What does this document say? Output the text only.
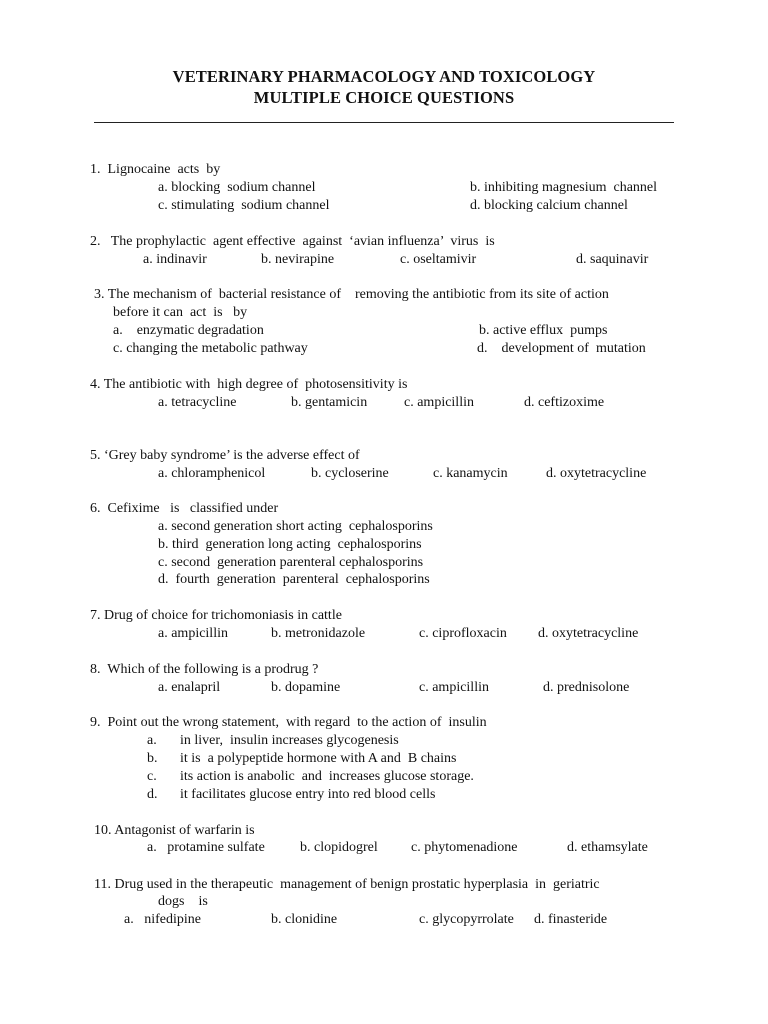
VETERINARY PHARMACOLOGY AND TOXICOLOGY
MULTIPLE CHOICE QUESTIONS
1.  Lignocaine  acts  by
a. blocking  sodium channel	b. inhibiting magnesium  channel
c. stimulating  sodium channel	d. blocking calcium channel
2.   The prophylactic  agent effective  against  ‘avian influenza’  virus  is
a. indinavir	b. nevirapine	c. oseltamivir	d. saquinavir
3. The mechanism of  bacterial resistance of    removing the antibiotic from its site of action
before it can  act  is   by
a.    enzymatic degradation	b. active efflux  pumps
c. changing the metabolic pathway	d.    development of  mutation
4. The antibiotic with  high degree of  photosensitivity is
a. tetracycline	b. gentamicin	c. ampicillin	d. ceftizoxime
5. ‘Grey baby syndrome’ is the adverse effect of
a. chloramphenicol	b. cycloserine	c. kanamycin	d. oxytetracycline
6.  Cefixime   is   classified under
a. second generation short acting  cephalosporins
b. third  generation long acting  cephalosporins
c. second  generation parenteral cephalosporins
d.  fourth  generation  parenteral  cephalosporins
7. Drug of choice for trichomoniasis in cattle
a. ampicillin	b. metronidazole	c. ciprofloxacin d. oxytetracycline
8.  Which of the following is a prodrug ?
a. enalapril	b. dopamine	c. ampicillin	d. prednisolone
9.  Point out the wrong statement,  with regard  to the action of  insulin
a. in liver,  insulin increases glycogenesis
b. it is  a polypeptide hormone with A and  B chains
c. its action is anabolic  and  increases glucose storage.
d. it facilitates glucose entry into red blood cells
10. Antagonist of warfarin is
a.   protamine sulfate	b. clopidogrel c. phytomenadione	d. ethamsylate
11. Drug used in the therapeutic  management of benign prostatic hyperplasia  in  geriatric
dogs    is
a.   nifedipine	b. clonidine	c. glycopyrrolate d. finasteride
